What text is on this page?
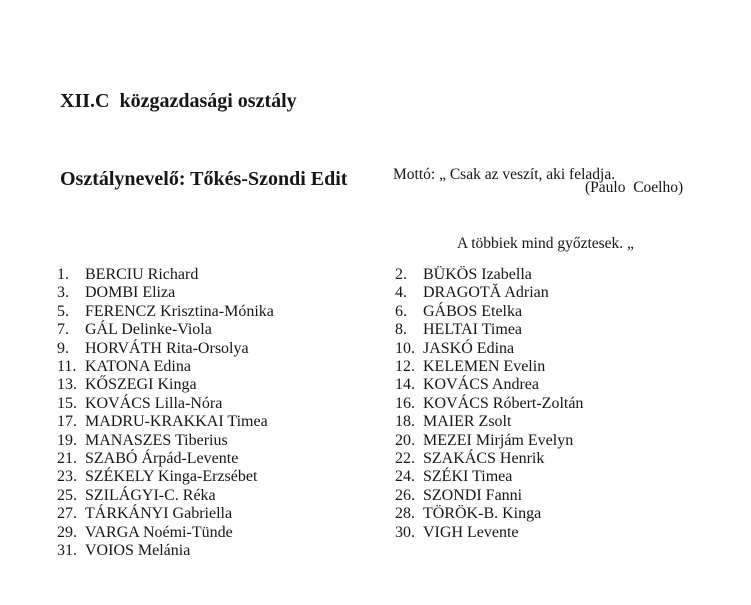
XII.C  közgazdasági osztály

Osztálynevelő: Tőkés-Szondi Edit

	Mottó: „ Csak az veszít, aki feladja.

A többiek mind győztesek. „

(Paulo  Coelho)
1.	BERCIU Richard
3.	DOMBI Eliza
5.	FERENCZ Krisztina-Mónika
7.	GÁL Delinke-Viola
9.	HORVÁTH Rita-Orsolya
11. KATONA Edina
13. KŐSZEGI Kinga
15. KOVÁCS Lilla-Nóra
17. MADRU-KRAKKAI Timea
19. MANASZES Tiberius
21. SZABÓ Árpád-Levente
23. SZÉKELY Kinga-Erzsébet
25. SZILÁGYI-C. Réka
27. TÁRKÁNYI Gabriella
29. VARGA Noémi-Tünde
31. VOIOS Melánia
2.	BÜKÖS Izabella
4.	DRAGOTĂ Adrian
6.	GÁBOS Etelka
8.	HELTAI Timea
10. JASKÓ Edina
12. KELEMEN Evelin
14. KOVÁCS Andrea
16. KOVÁCS Róbert-Zoltán
18. MAIER Zsolt
20. MEZEI Mirjám Evelyn
22. SZAKÁCS Henrik
24. SZÉKI Timea
26. SZONDI Fanni
28. TÖRÖK-B. Kinga
30. VIGH Levente
